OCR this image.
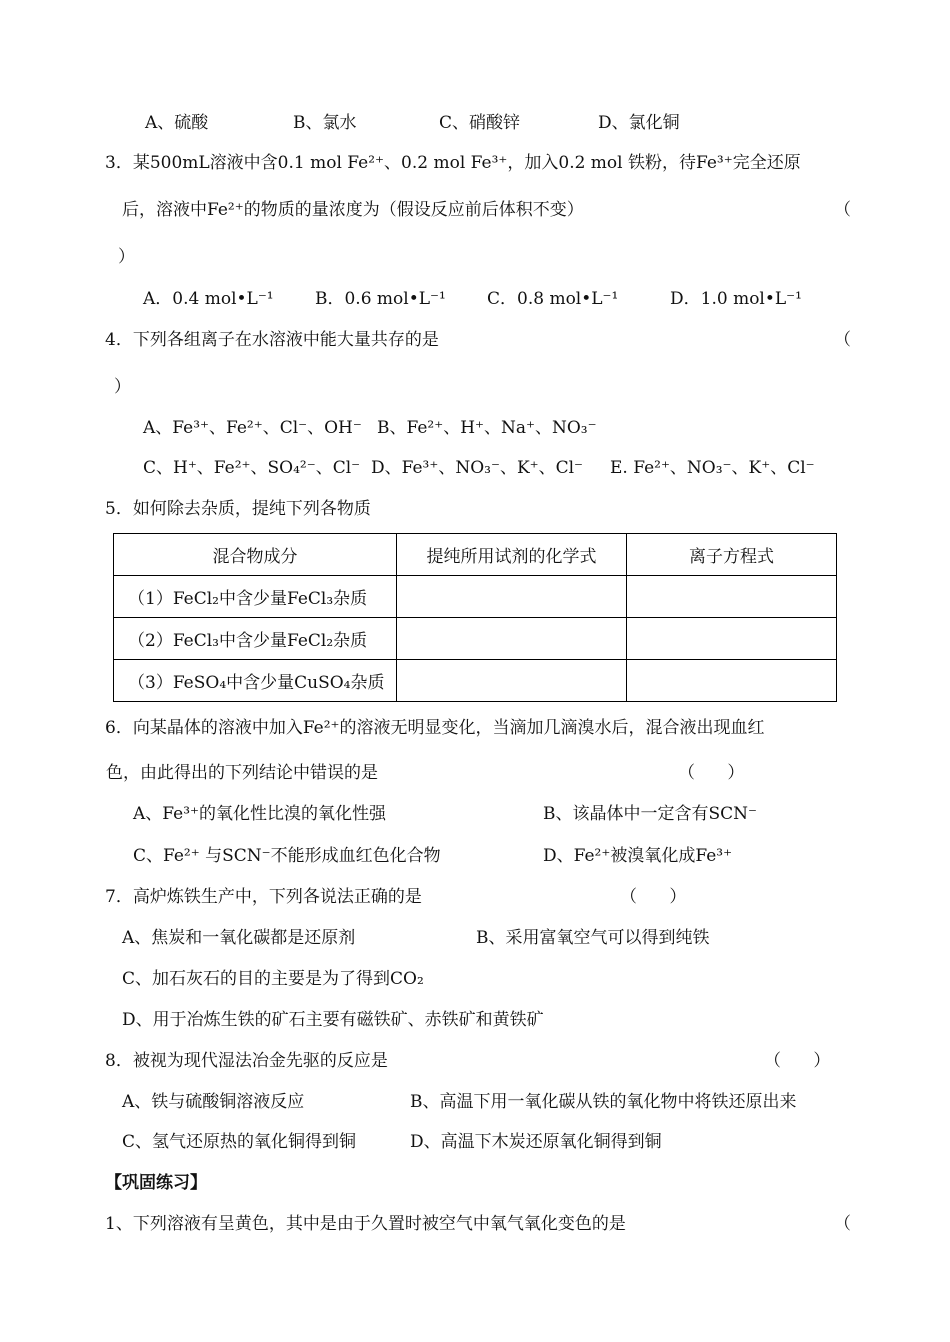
A、硫酸	B、氯水	C、硝酸锌	D、氯化铜
3．某500mL溶液中含0.1 mol Fe²⁺、0.2 mol Fe³⁺，加入0.2 mol 铁粉，待Fe³⁺完全还原
后，溶液中Fe²⁺的物质的量浓度为（假设反应前后体积不变）	（
）
A．0.4 mol•L⁻¹ B．0.6 mol•L⁻¹ C．0.8 mol•L⁻¹	D．1.0 mol•L⁻¹
4．下列各组离子在水溶液中能大量共存的是	（
）
A、Fe³⁺、Fe²⁺、Cl⁻、OH⁻ B、Fe²⁺、H⁺、Na⁺、NO₃⁻
C、H⁺、Fe²⁺、SO₄²⁻、Cl⁻ D、Fe³⁺、NO₃⁻、K⁺、Cl⁻ E. Fe²⁺、NO₃⁻、K⁺、Cl⁻
5．如何除去杂质，提纯下列各物质
混合物成分	提纯所用试剂的化学式	离子方程式
（1）FeCl₂中含少量FeCl₃杂质		
（2）FeCl₃中含少量FeCl₂杂质		
（3）FeSO₄中含少量CuSO₄杂质		
6．向某晶体的溶液中加入Fe²⁺的溶液无明显变化，当滴加几滴溴水后，混合液出现血红
色，由此得出的下列结论中错误的是	（      ）
A、Fe³⁺的氧化性比溴的氧化性强	B、该晶体中一定含有SCN⁻
C、Fe²⁺ 与SCN⁻不能形成血红色化合物	D、Fe²⁺被溴氧化成Fe³⁺
7．高炉炼铁生产中，下列各说法正确的是	（      ）
A、焦炭和一氧化碳都是还原剂	B、采用富氧空气可以得到纯铁
C、加石灰石的目的主要是为了得到CO₂
D、用于冶炼生铁的矿石主要有磁铁矿、赤铁矿和黄铁矿
8．被视为现代湿法冶金先驱的反应是	（      ）
A、铁与硫酸铜溶液反应	B、高温下用一氧化碳从铁的氧化物中将铁还原出来
C、氢气还原热的氧化铜得到铜	D、高温下木炭还原氧化铜得到铜
【巩固练习】
1、下列溶液有呈黄色，其中是由于久置时被空气中氧气氧化变色的是	（
